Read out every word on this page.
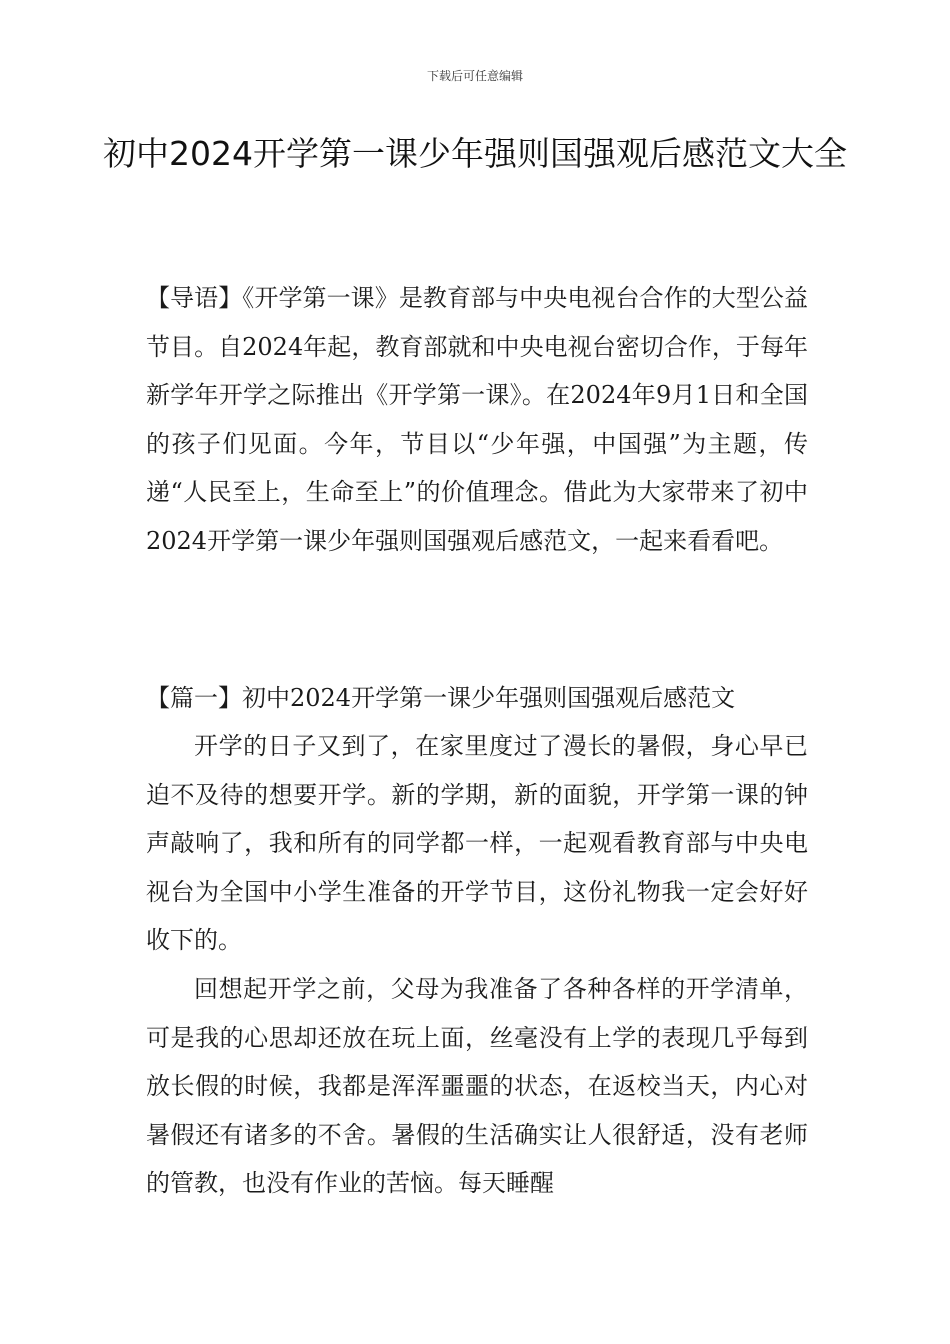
下载后可任意编辑
初中2024开学第一课少年强则国强观后感范文大全

【导语】《开学第一课》是教育部与中央电视台合作的大型公益节目。自2024年起，教育部就和中央电视台密切合作，于每年新学年开学之际推出《开学第一课》。在2024年9月1日和全国的孩子们见面。今年，节目以“少年强，中国强”为主题，传递“人民至上，生命至上”的价值理念。借此为大家带来了初中2024开学第一课少年强则国强观后感范文，一起来看看吧。

【篇一】初中2024开学第一课少年强则国强观后感范文

开学的日子又到了，在家里度过了漫长的暑假，身心早已迫不及待的想要开学。新的学期，新的面貌，开学第一课的钟声敲响了，我和所有的同学都一样，一起观看教育部与中央电视台为全国中小学生准备的开学节目，这份礼物我一定会好好收下的。

回想起开学之前，父母为我准备了各种各样的开学清单，可是我的心思却还放在玩上面，丝毫没有上学的表现几乎每到放长假的时候，我都是浑浑噩噩的状态，在返校当天，内心对暑假还有诸多的不舍。暑假的生活确实让人很舒适，没有老师的管教，也没有作业的苦恼。每天睡醒
